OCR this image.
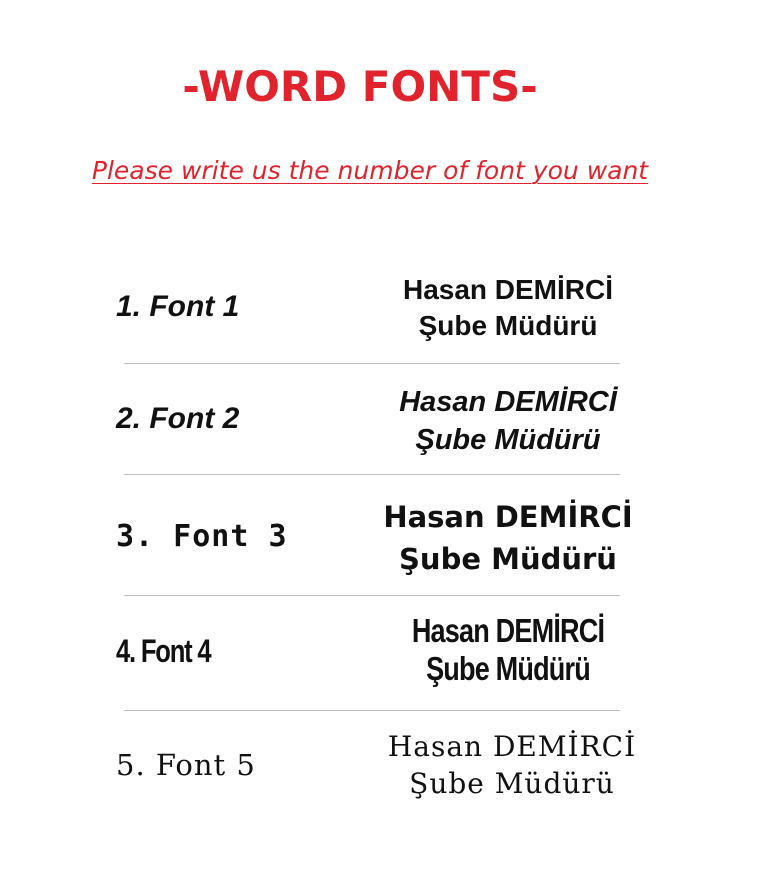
-WORD FONTS-
Please write us the number of font you want
1. Font 1
Hasan DEMİRCİ
Şube Müdürü
2. Font 2	Hasan DEMİRCİ
Şube Müdürü
3. Font 3
Hasan DEMİRCİ
Şube Müdürü
4. Font 4
Hasan DEMİRCİ
Şube Müdürü
5. Font 5
Hasan DEMİRCİ
Şube Müdürü
